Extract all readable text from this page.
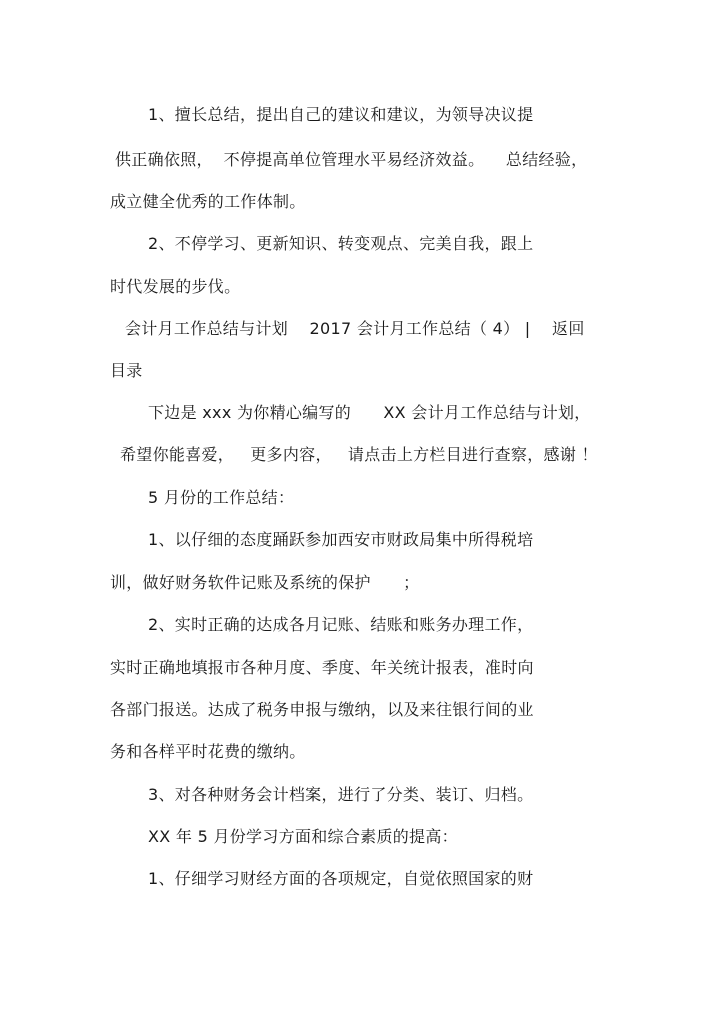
1、擅长总结，提出自己的建议和建议，为领导决议提
供正确依照，  不停提高单位管理水平易经济效益。    总结经验，
成立健全优秀的工作体制。
2、不停学习、更新知识、转变观点、完美自我，跟上
时代发展的步伐。
会计月工作总结与计划    2017 会计月工作总结（ 4） |    返回
目录
下边是 xxx 为你精心编写的      XX 会计月工作总结与计划，
希望你能喜爱，   更多内容，   请点击上方栏目进行查察，感谢 ！
5 月份的工作总结：
1、以仔细的态度踊跃参加西安市财政局集中所得税培
训，做好财务软件记账及系统的保护      ；
2、实时正确的达成各月记账、结账和账务办理工作，
实时正确地填报市各种月度、季度、年关统计报表，准时向
各部门报送。达成了税务申报与缴纳，以及来往银行间的业
务和各样平时花费的缴纳。
3、对各种财务会计档案，进行了分类、装订、归档。
XX 年 5 月份学习方面和综合素质的提高：
1、仔细学习财经方面的各项规定，自觉依照国家的财
